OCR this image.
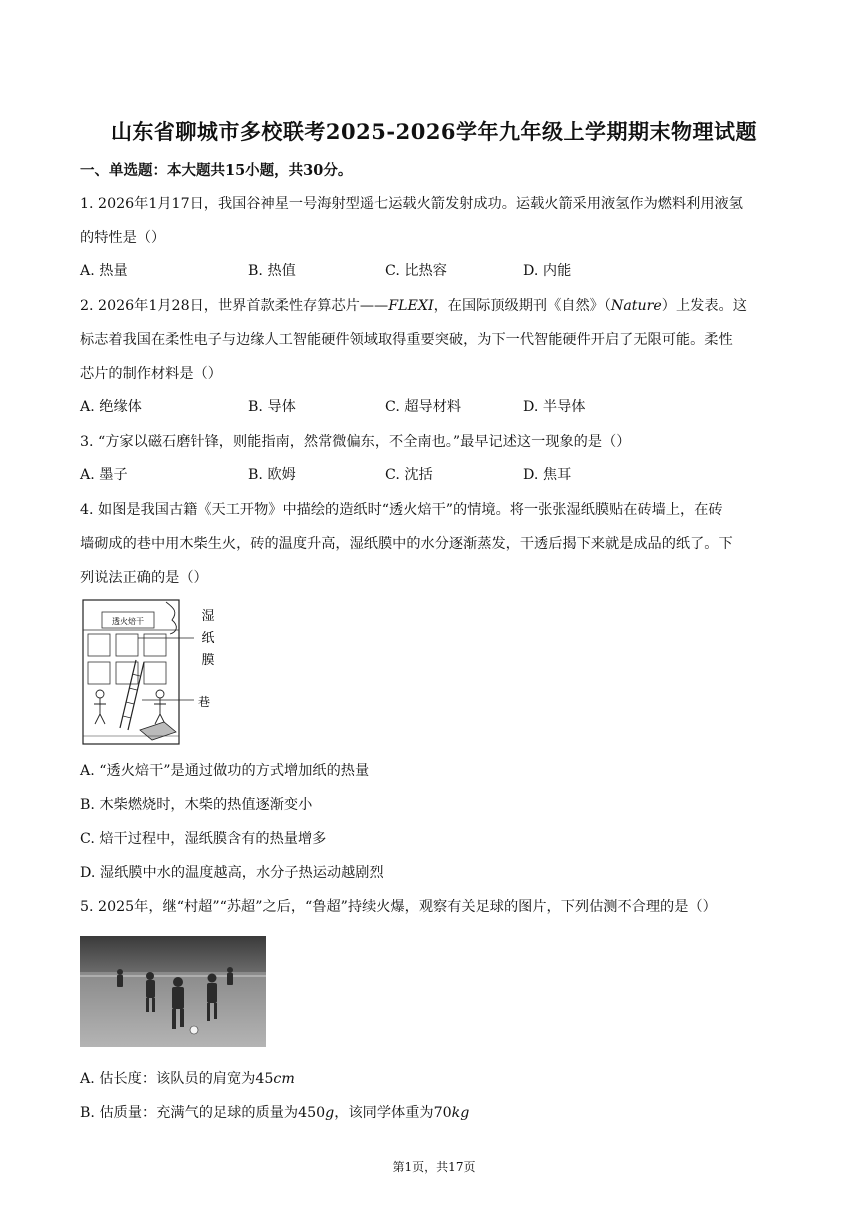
山东省聊城市多校联考2025-2026学年九年级上学期期末物理试题
一、单选题：本大题共15小题，共30分。
1. 2026年1月17日，我国谷神星一号海射型遥七运载火箭发射成功。运载火箭采用液氢作为燃料利用液氢
的特性是（）
A. 热量	B. 热值	C. 比热容	D. 内能
2. 2026年1月28日，世界首款柔性存算芯片——FLEXI，在国际顶级期刊《自然》（Nature）上发表。这
标志着我国在柔性电子与边缘人工智能硬件领域取得重要突破，为下一代智能硬件开启了无限可能。柔性
芯片的制作材料是（）
A. 绝缘体	B. 导体	C. 超导材料	D. 半导体
3. “方家以磁石磨针锋，则能指南，然常微偏东，不全南也。”最早记述这一现象的是（）
A. 墨子	B. 欧姆	C. 沈括	D. 焦耳
4. 如图是我国古籍《天工开物》中描绘的造纸时“透火焙干”的情境。将一张张湿纸膜贴在砖墙上，在砖
墙砌成的巷中用木柴生火，砖的温度升高，湿纸膜中的水分逐渐蒸发，干透后揭下来就是成品的纸了。下
列说法正确的是（）
透火焙干	湿
纸
膜
巷
A. “透火焙干”是通过做功的方式增加纸的热量
B. 木柴燃烧时，木柴的热值逐渐变小
C. 焙干过程中，湿纸膜含有的热量增多
D. 湿纸膜中水的温度越高，水分子热运动越剧烈
5. 2025年，继“村超”“苏超”之后，“鲁超”持续火爆，观察有关足球的图片，下列估测不合理的是（）
A. 估长度：该队员的肩宽为45cm
B. 估质量：充满气的足球的质量为450g，该同学体重为70kg
第1页，共17页
